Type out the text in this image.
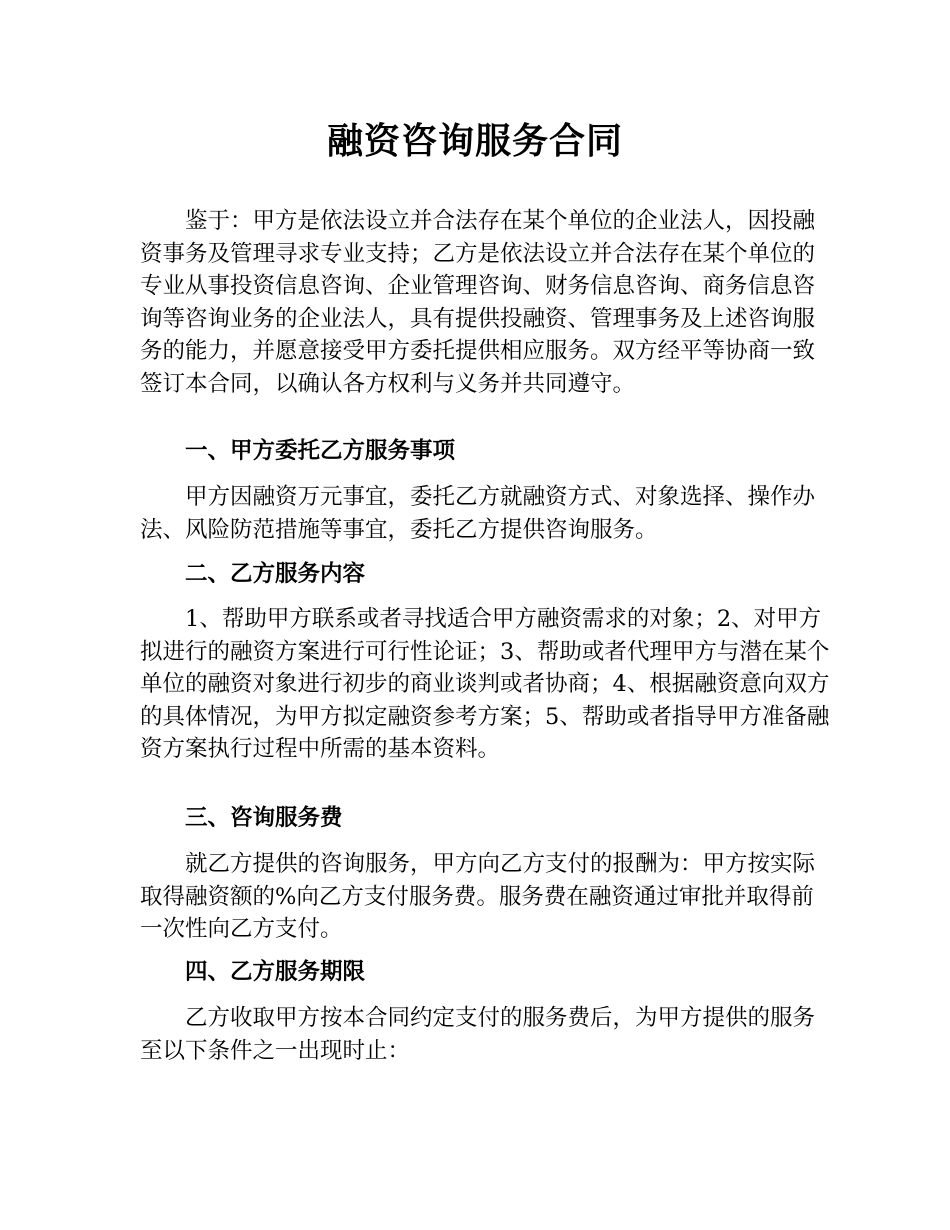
融资咨询服务合同

鉴于：甲方是依法设立并合法存在某个单位的企业法人，因投融资事务及管理寻求专业支持；乙方是依法设立并合法存在某个单位的专业从事投资信息咨询、企业管理咨询、财务信息咨询、商务信息咨询等咨询业务的企业法人，具有提供投融资、管理事务及上述咨询服务的能力，并愿意接受甲方委托提供相应服务。双方经平等协商一致签订本合同，以确认各方权利与义务并共同遵守。

一、甲方委托乙方服务事项

甲方因融资万元事宜，委托乙方就融资方式、对象选择、操作办法、风险防范措施等事宜，委托乙方提供咨询服务。

二、乙方服务内容

1、帮助甲方联系或者寻找适合甲方融资需求的对象；2、对甲方拟进行的融资方案进行可行性论证；3、帮助或者代理甲方与潜在某个单位的融资对象进行初步的商业谈判或者协商；4、根据融资意向双方的具体情况，为甲方拟定融资参考方案；5、帮助或者指导甲方准备融资方案执行过程中所需的基本资料。

三、咨询服务费

就乙方提供的咨询服务，甲方向乙方支付的报酬为：甲方按实际取得融资额的%向乙方支付服务费。服务费在融资通过审批并取得前一次性向乙方支付。

四、乙方服务期限

乙方收取甲方按本合同约定支付的服务费后，为甲方提供的服务至以下条件之一出现时止：
